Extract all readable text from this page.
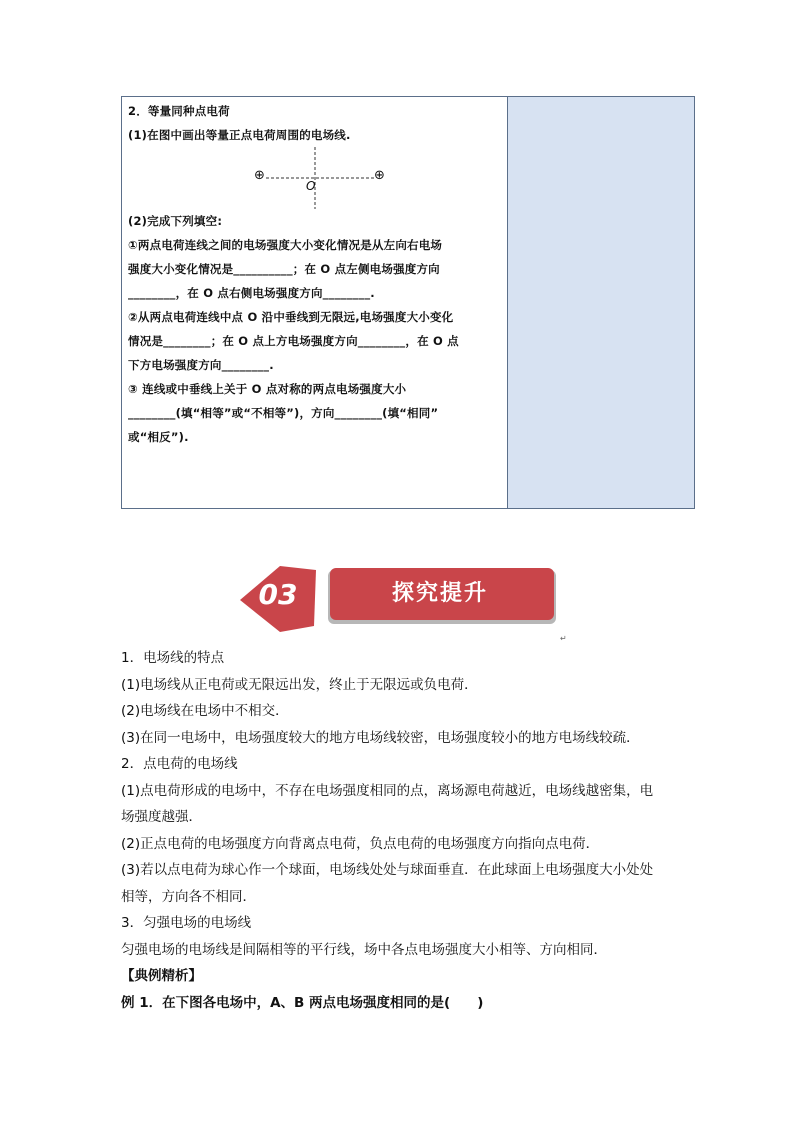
2．等量同种点电荷
(1)在图中画出等量正点电荷周围的电场线.
⊕	⊕
O
(2)完成下列填空:
①两点电荷连线之间的电场强度大小变化情况是从左向右电场
强度大小变化情况是__________；在 O 点左侧电场强度方向
________，在 O 点右侧电场强度方向________.
②从两点电荷连线中点 O 沿中垂线到无限远,电场强度大小变化
情况是________；在 O 点上方电场强度方向________，在 O 点
下方电场强度方向________.
③ 连线或中垂线上关于 O 点对称的两点电场强度大小
________(填“相等”或“不相等”)，方向________(填“相同”
或“相反”).
03	探究提升
↵
1．电场线的特点
(1)电场线从正电荷或无限远出发，终止于无限远或负电荷．
(2)电场线在电场中不相交．
(3)在同一电场中，电场强度较大的地方电场线较密，电场强度较小的地方电场线较疏．
2．点电荷的电场线
(1)点电荷形成的电场中，不存在电场强度相同的点，离场源电荷越近，电场线越密集，电
场强度越强．
(2)正点电荷的电场强度方向背离点电荷，负点电荷的电场强度方向指向点电荷．
(3)若以点电荷为球心作一个球面，电场线处处与球面垂直．在此球面上电场强度大小处处
相等，方向各不相同．
3．匀强电场的电场线
匀强电场的电场线是间隔相等的平行线，场中各点电场强度大小相等、方向相同．
【典例精析】
例 1．在下图各电场中，A、B 两点电场强度相同的是(　　)
